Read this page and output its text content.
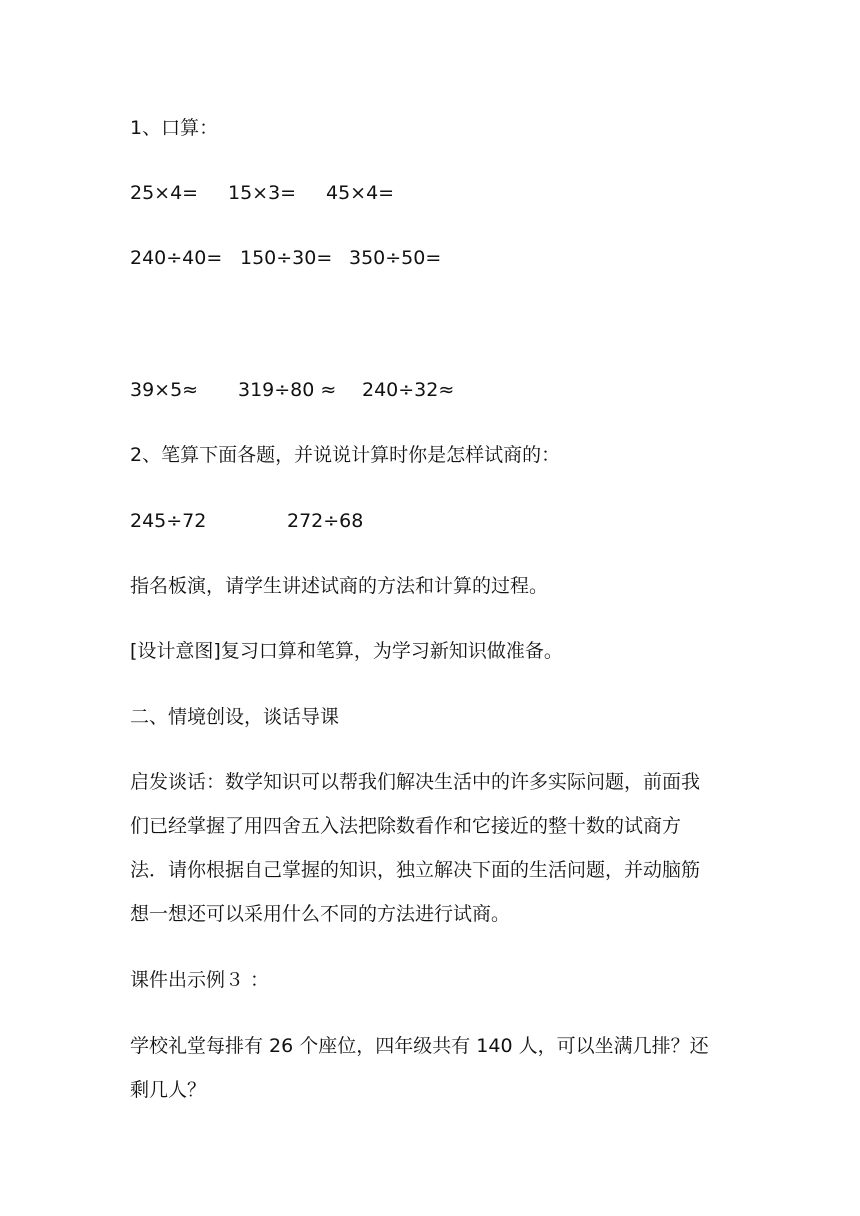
1、口算：

25×4= 15×3= 45×4=
240÷40= 150÷30= 350÷50=
39×5≈ 319÷80 ≈ 240÷32≈

2、笔算下面各题，并说说计算时你是怎样试商的：

245÷72	272÷68

指名板演，请学生讲述试商的方法和计算的过程。

[设计意图]复习口算和笔算，为学习新知识做准备。

二、情境创设，谈话导课

启发谈话：数学知识可以帮我们解决生活中的许多实际问题，前面我

们已经掌握了用四舍五入法把除数看作和它接近的整十数的试商方

法．请你根据自己掌握的知识，独立解决下面的生活问题，并动脑筋

想一想还可以采用什么不同的方法进行试商。

课件出示例３ ：

学校礼堂每排有 26 个座位，四年级共有 140 人，可以坐满几排？还

剩几人？
